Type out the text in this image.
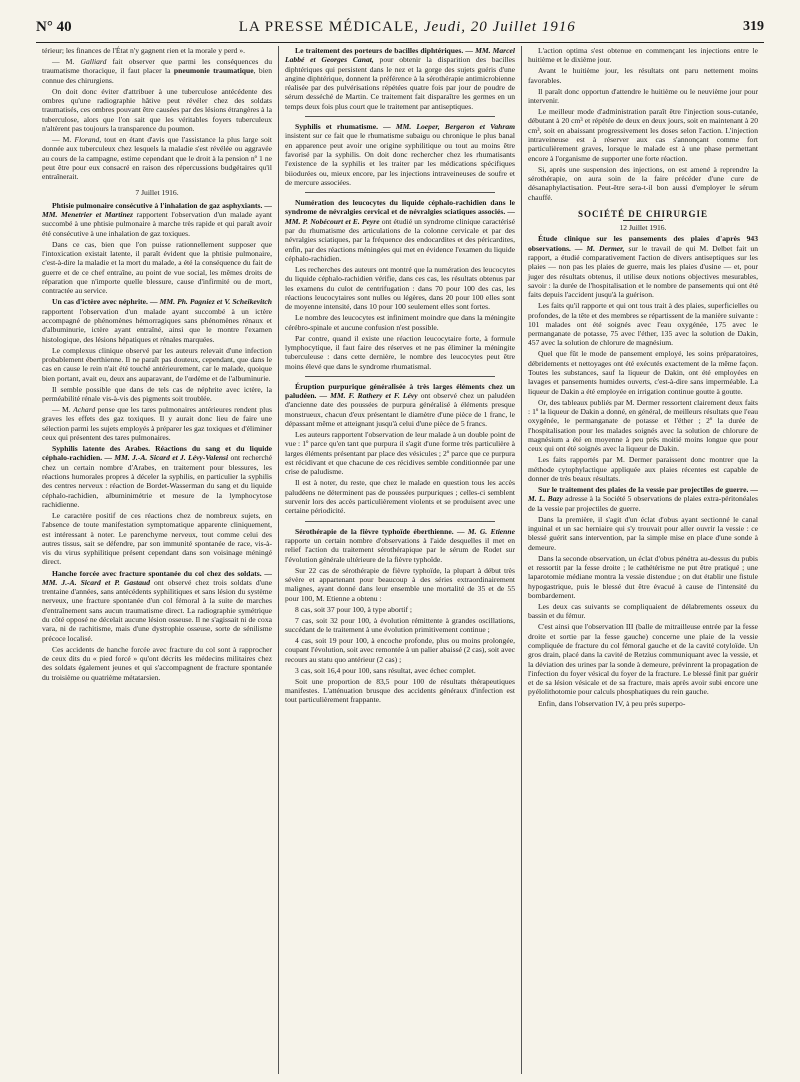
N° 40	LA PRESSE MÉDICALE, Jeudi, 20 Juillet 1916	319

térieur; les finances de l'État n'y gagnent rien et la morale y perd ».

— M. Galliard fait observer que parmi les conséquences du traumatisme thoracique, il faut placer la pneumonie traumatique, bien connue des chirurgiens.

On doit donc éviter d'attribuer à une tuberculose antécédente des ombres qu'une radiographie hâtive peut révéler chez des soldats traumatisés, ces ombres pouvant être causées par des lésions étrangères à la tuberculose, alors que l'on sait que les véritables foyers tuberculeux n'altèrent pas toujours la transparence du poumon.

— M. Florand, tout en étant d'avis que l'assistance la plus large soit donnée aux tuberculeux chez lesquels la maladie s'est révélée ou aggravée au cours de la campagne, estime cependant que le droit à la pension nº 1 ne peut être pour eux consacré en raison des répercussions budgétaires qu'il entraînerait.

7 Juillet 1916.

Phtisie pulmonaire consécutive à l'inhalation de gaz asphyxiants. — MM. Menetrier et Martinez rapportent l'observation d'un malade ayant succombé à une phtisie pulmonaire à marche très rapide et qui paraît avoir été consécutive à une inhalation de gaz toxiques.

Dans ce cas, bien que l'on puisse rationnellement supposer que l'intoxication existait latente, il paraît évident que la phtisie pulmonaire, c'est-à-dire la maladie et la mort du malade, a été la conséquence du fait de guerre et de ce chef entraîne, au point de vue social, les mêmes droits de réparation que n'importe quelle blessure, cause d'infirmité ou de mort, contractée au service.

Un cas d'ictère avec néphrite. — MM. Ph. Pagniez et V. Scheikevitch rapportent l'observation d'un malade ayant succombé à un ictère accompagné de phénomènes hémorragiques sans phénomènes rénaux et d'albuminurie, ictère ayant entraîné, ainsi que le montre l'examen histologique, des lésions hépatiques et rénales marquées.

Le complexus clinique observé par les auteurs relevait d'une infection probablement éberthienne. Il ne paraît pas douteux, cependant, que dans le cas en cause le rein n'ait été touché antérieurement, car le malade, quoique bien portant, avait eu, deux ans auparavant, de l'œdème et de l'albuminurie.

Il semble possible que dans de tels cas de néphrite avec ictère, la perméabilité rénale vis-à-vis des pigments soit troublée.

— M. Achard pense que les tares pulmonaires antérieures rendent plus graves les effets des gaz toxiques. Il y aurait donc lieu de faire une sélection parmi les sujets employés à préparer les gaz toxiques et d'éliminer ceux qui présentent des tares pulmonaires.

Syphilis latente des Arabes. Réactions du sang et du liquide céphalo-rachidien. — MM. J.-A. Sicard et J. Lévy-Valensi ont recherché chez un certain nombre d'Arabes, en traitement pour blessures, les réactions humorales propres à déceler la syphilis, en particulier la syphilis des centres nerveux : réaction de Bordet-Wasserman du sang et du liquide céphalo-rachidien, albuminimétrie et mesure de la lymphocytose rachidienne.

Le caractère positif de ces réactions chez de nombreux sujets, en l'absence de toute manifestation symptomatique apparente cliniquement, est intéressant à noter. Le parenchyme nerveux, tout comme celui des autres tissus, sait se défendre, par son immunité spontanée de race, vis-à-vis du virus syphilitique présent cependant dans son voisinage méningé direct.

Hanche forcée avec fracture spontanée du col chez des soldats. — MM. J.-A. Sicard et P. Gastaud ont observé chez trois soldats d'une trentaine d'années, sans antécédents syphilitiques et sans lésion du système nerveux, une fracture spontanée d'un col fémoral à la suite de marches d'entraînement sans aucun traumatisme direct. La radiographie symétrique du côté opposé ne décelait aucune lésion osseuse. Il ne s'agissait ni de coxa vara, ni de rachitisme, mais d'une dystrophie osseuse, sorte de sénilisme précoce localisé.

Ces accidents de hanche forcée avec fracture du col sont à rapprocher de ceux dits du « pied forcé » qu'ont décrits les médecins militaires chez des soldats également jeunes et qui s'accompagnent de fracture spontanée du troisième ou quatrième métatarsien.

Le traitement des porteurs de bacilles diphtériques. — MM. Marcel Labbé et Georges Canat, pour obtenir la disparition des bacilles diphtériques qui persistent dans le nez et la gorge des sujets guéris d'une angine diphtérique, donnent la préférence à la sérothérapie antimicrobienne réalisée par des pulvérisations répétées quatre fois par jour de poudre de sérum desséché de Martin. Ce traitement fait disparaître les germes en un temps deux fois plus court que le traitement par antiseptiques.

Syphilis et rhumatisme. — MM. Loeper, Bergeron et Vahram insistent sur ce fait que le rhumatisme subaigu ou chronique le plus banal en apparence peut avoir une origine syphilitique ou tout au moins être favorisé par la syphilis. On doit donc rechercher chez les rhumatisants l'existence de la syphilis et les traiter par les médications spécifiques biiodurées ou, mieux encore, par les injections intraveineuses de soufre et de mercure associées.

Numération des leucocytes du liquide céphalo-rachidien dans le syndrome de névralgies cervical et de névralgies sciatiques associés. — MM. P. Nobécourt et E. Peyre ont étudié un syndrome clinique caractérisé par du rhumatisme des articulations de la colonne cervicale et par des névralgies sciatiques, par la fréquence des endocardites et des péricardites, enfin, par des réactions méningées qui met en évidence l'examen du liquide céphalo-rachidien.

Les recherches des auteurs ont montré que la numération des leucocytes du liquide céphalo-rachidien vérifie, dans ces cas, les résultats obtenus par les examens du culot de centrifugation : dans 70 pour 100 des cas, les réactions leucocytaires sont nulles ou légères, dans 20 pour 100 elles sont de moyenne intensité, dans 10 pour 100 seulement elles sont fortes.

Le nombre des leucocytes est infiniment moindre que dans la méningite cérébro-spinale et aucune confusion n'est possible.

Par contre, quand il existe une réaction leucocytaire forte, à formule lymphocytique, il faut faire des réserves et ne pas éliminer la méningite tuberculeuse : dans cette dernière, le nombre des leucocytes peut être moins élevé que dans le syndrome rhumatismal.

Éruption purpurique généralisée à très larges éléments chez un paludéen. — MM. F. Rathery et F. Lévy ont observé chez un paludéen d'ancienne date des poussées de purpura généralisé à éléments presque monstrueux, chacun d'eux présentant le diamètre d'une pièce de 1 franc, le dépassant même et atteignant jusqu'à celui d'une pièce de 5 francs.

Les auteurs rapportent l'observation de leur malade à un double point de vue : 1º parce qu'en tant que purpura il s'agit d'une forme très particulière à larges éléments présentant par place des vésicules ; 2º parce que ce purpura est récidivant et que chacune de ces récidives semble conditionnée par une crise de paludisme.

Il est à noter, du reste, que chez le malade en question tous les accès paludéens ne déterminent pas de poussées purpuriques ; celles-ci semblent survenir lors des accès particulièrement violents et se produisent avec une certaine périodicité.

Sérothérapie de la fièvre typhoïde éberthienne. — M. G. Etienne rapporte un certain nombre d'observations à l'aide desquelles il met en relief l'action du traitement sérothérapique par le sérum de Rodet sur l'évolution générale ultérieure de la fièvre typhoïde.

Sur 22 cas de sérothérapie de fièvre typhoïde, la plupart à début très sévère et appartenant pour beaucoup à des séries extraordinairement malignes, ayant donné dans leur ensemble une mortalité de 35 et de 55 pour 100, M. Etienne a obtenu :

8 cas, soit 37 pour 100, à type abortif ;

7 cas, soit 32 pour 100, à évolution rémittente à grandes oscillations, succédant de le traitement à une évolution primitivement continue ;

4 cas, soit 19 pour 100, à encoche profonde, plus ou moins prolongée, coupant l'évolution, soit avec remontée à un palier abaissé (2 cas), soit avec recours au statu quo antérieur (2 cas) ;

3 cas, soit 16,4 pour 100, sans résultat, avec échec complet.

Soit une proportion de 83,5 pour 100 de résultats thérapeutiques manifestes. L'atténuation brusque des accidents généraux d'infection est tout particulièrement frappante.

L'action optima s'est obtenue en commençant les injections entre le huitième et le dixième jour.

Avant le huitième jour, les résultats ont paru nettement moins favorables.

Il paraît donc opportun d'attendre le huitième ou le neuvième jour pour intervenir.

Le meilleur mode d'administration paraît être l'injection sous-cutanée, débutant à 20 cm³ et répétée de deux en deux jours, soit en maintenant à 20 cm³, soit en abaissant progressivement les doses selon l'action. L'injection intraveineuse est à réserver aux cas s'annonçant comme fort particulièrement graves, lorsque le malade est à une phase permettant encore à l'organisme de supporter une forte réaction.

Si, après une suspension des injections, on est amené à reprendre la sérothérapie, on aura soin de la faire précéder d'une cure de désanaphylactisation. Peut-être sera-t-il bon aussi d'employer le sérum chauffé.

SOCIÉTÉ DE CHIRURGIE

12 Juillet 1916.

Étude clinique sur les pansements des plaies d'après 943 observations. — M. Dermer, sur le travail de qui M. Delbet fait un rapport, a étudié comparativement l'action de divers antiseptiques sur les plaies — non pas les plaies de guerre, mais les plaies d'usine — et, pour juger des résultats obtenus, il utilise deux notions objectives mesurables, savoir : la durée de l'hospitalisation et le nombre de pansements qui ont été faits depuis l'accident jusqu'à la guérison.

Les faits qu'il rapporte et qui ont tous trait à des plaies, superficielles ou profondes, de la tête et des membres se répartissent de la manière suivante : 101 malades ont été soignés avec l'eau oxygénée, 175 avec le permanganate de potasse, 75 avec l'éther, 135 avec la solution de Dakin, 457 avec la solution de chlorure de magnésium.

Quel que fût le mode de pansement employé, les soins préparatoires, débridements et nettoyages ont été exécutés exactement de la même façon. Toutes les substances, sauf la liqueur de Dakin, ont été employées en lavages et pansements humides ouverts, c'est-à-dire sans imperméable. La liqueur de Dakin a été employée en irrigation continue goutte à goutte.

Or, des tableaux publiés par M. Dermer ressortent clairement deux faits : 1º la liqueur de Dakin a donné, en général, de meilleurs résultats que l'eau oxygénée, le permanganate de potasse et l'éther ; 2º la durée de l'hospitalisation pour les malades soignés avec la solution de chlorure de magnésium a été en moyenne à peu près moitié moins longue que pour ceux qui ont été soignés avec la liqueur de Dakin.

Les faits rapportés par M. Dermer paraissent donc montrer que la méthode cytophylactique appliquée aux plaies récentes est capable de donner de très beaux résultats.

Sur le traitement des plaies de la vessie par projectiles de guerre. — M. L. Bazy adresse à la Société 5 observations de plaies extra-péritonéales de la vessie par projectiles de guerre.

Dans la première, il s'agit d'un éclat d'obus ayant sectionné le canal inguinal et un sac herniaire qui s'y trouvait pour aller ouvrir la vessie : ce blessé guérit sans intervention, par la simple mise en place d'une sonde à demeure.

Dans la seconde observation, un éclat d'obus pénétra au-dessus du pubis et ressortit par la fesse droite ; le cathétérisme ne put être pratiqué ; une laparotomie médiane montra la vessie distendue ; on dut établir une fistule hypogastrique, puis le blessé dut être évacué à cause de l'intensité du bombardement.

Les deux cas suivants se compliquaient de délabrements osseux du bassin et du fémur.

C'est ainsi que l'observation III (balle de mitrailleuse entrée par la fesse droite et sortie par la fesse gauche) concerne une plaie de la vessie compliquée de fracture du col fémoral gauche et de la cavité cotyloïde. Un gros drain, placé dans la cavité de Retzius communiquant avec la vessie, et la déviation des urines par la sonde à demeure, prévinrent la propagation de l'infection du foyer vésical du foyer de la fracture. Le blessé finit par guérir et de sa lésion vésicale et de sa fracture, mais après avoir subi encore une pyélolithotomie pour calculs phosphatiques du rein gauche.

Enfin, dans l'observation IV, à peu près superpo-
